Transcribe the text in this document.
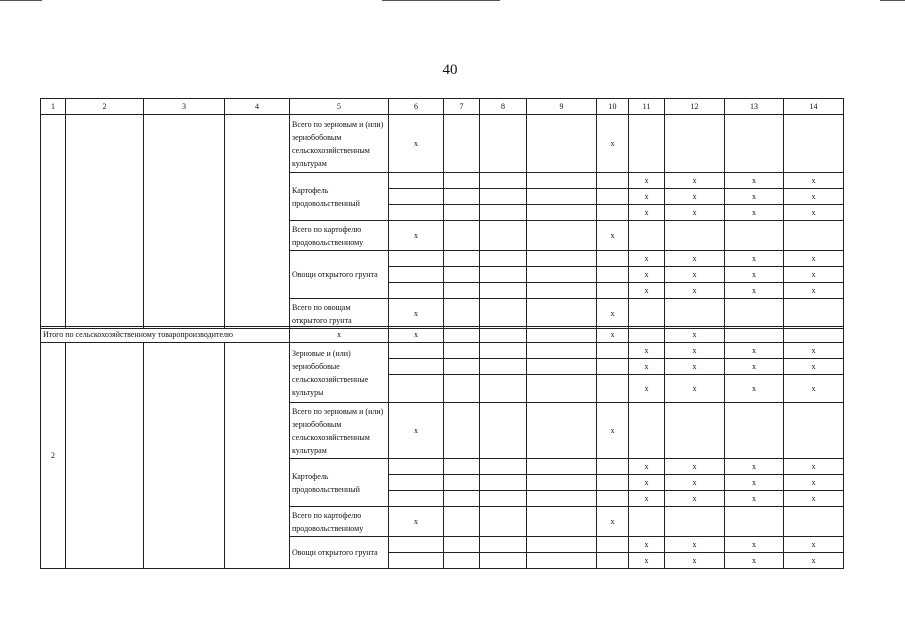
40
1	2	3	4	5	6	7	8	9	10	11	12	13	14
				Всего по зерновым и (или) зернобобовым сельскохозяйственным культурам	x				x				
				Картофель продовольственный						x	x	x	x
										x	x	x	x
										x	x	x	x
				Всего по картофелю продовольственному	x				x				
				Овощи открытого грунта						x	x	x	x
										x	x	x	x
										x	x	x	x
				Всего по овощам открытого грунта	x				x				
Итого по сельскохозяйственному товаропроизводителю				x	x				x		x		
2				Зерновые и (или) зернобобовые сельскохозяйственные культуры						x	x	x	x
										x	x	x	x
										x	x	x	x
				Всего по зерновым и (или) зернобобовым сельскохозяйственным культурам	x				x				
				Картофель продовольственный						x	x	x	x
										x	x	x	x
										x	x	x	x
				Всего по картофелю продовольственному	x				x				
				Овощи открытого грунта						x	x	x	x
										x	x	x	x
